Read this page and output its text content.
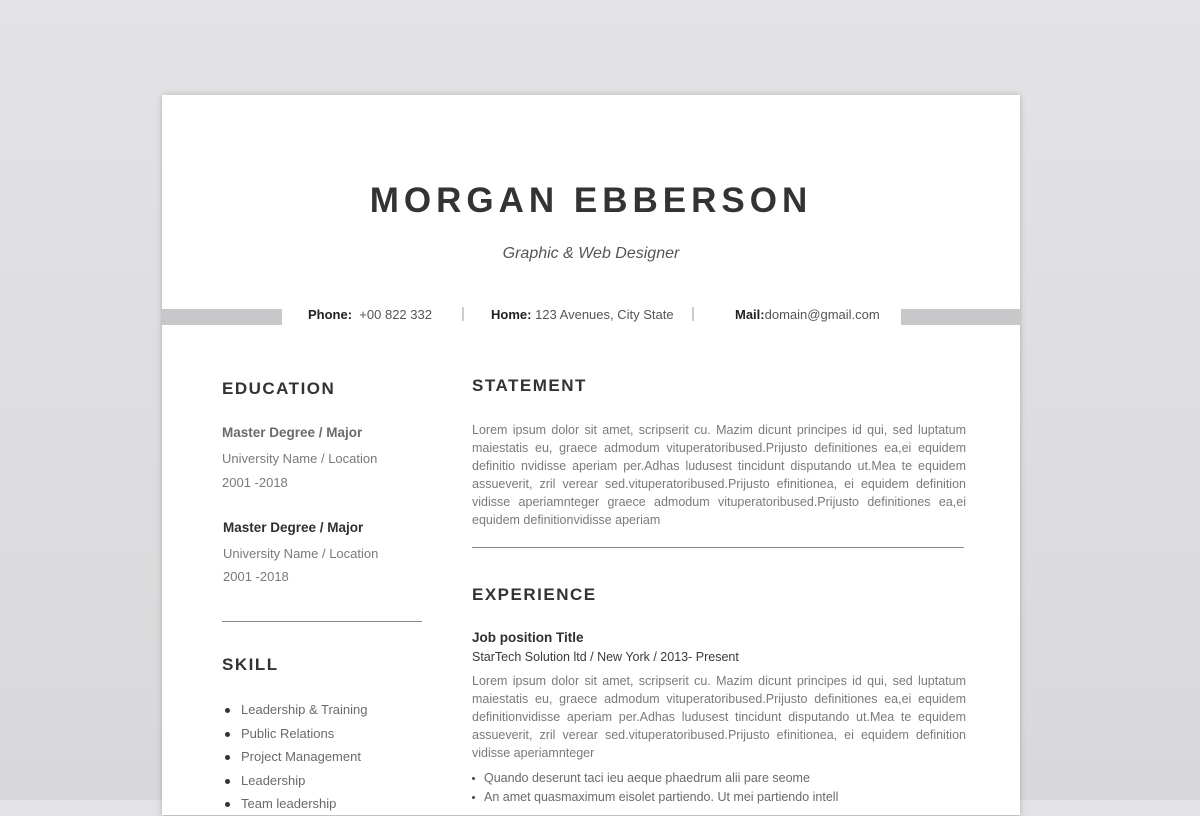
MORGAN EBBERSON
Graphic & Web Designer
Phone: +00 822 332 | Home: 123 Avenues, City State |	Mail:domain@gmail.com
EDUCATION
Master Degree / Major
University Name / Location
2001 -2018
Master Degree / Major
University Name / Location
2001 -2018
SKILL
Leadership & Training
Public Relations
Project Management
Leadership
Team leadership
STATEMENT
Lorem ipsum dolor sit amet, scripserit cu. Mazim dicunt principes id qui, sed luptatum maiestatis eu, graece admodum vituperatoribused.Prijusto definitiones ea,ei equidem definitio nvidisse aperiam per.Adhas ludusest tincidunt disputando ut.Mea te equidem assueverit, zril verear sed.vituperatoribused.Prijusto efinitionea, ei equidem definition vidisse aperiamnteger graece admodum vituperatoribused.Prijusto definitiones ea,ei equidem definitionvidisse aperiam
EXPERIENCE
Job position Title
StarTech Solution ltd / New York / 2013- Present
Lorem ipsum dolor sit amet, scripserit cu. Mazim dicunt principes id qui, sed luptatum maiestatis eu, graece admodum vituperatoribused.Prijusto definitiones ea,ei equidem definitionvidisse aperiam per.Adhas ludusest tincidunt disputando ut.Mea te equidem assueverit, zril verear sed.vituperatoribused.Prijusto efinitionea, ei equidem definition vidisse aperiamnteger
Quando deserunt taci ieu aeque phaedrum alii pare seome
An amet quasmaximum eisolet partiendo. Ut mei partiendo intell
